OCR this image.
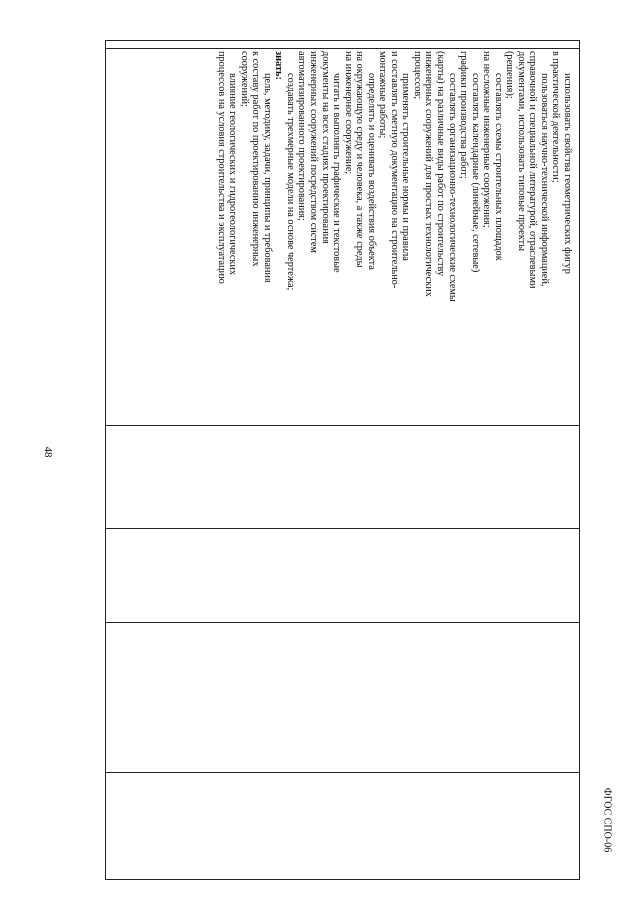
48
использовать свойства геометрических фигур
в практической деятельности;
пользоваться научно-технической информацией,
справочной и специальной литературой, отраслевыми
документами, использовать типовые проекты
(решения);
составлять схемы строительных площадок
на несложные инженерные сооружения;
составлять календарные (линейные, сетевые)
графики производства работ;
составлять организационно-технологические схемы
(карты) на различные виды работ по строительству
инженерных сооружений для простых технологических
процессов;
применять строительные нормы и правила
и составлять сметную документацию на строительно-
монтажные работы;
определять и оценивать воздействия объекта
на окружающую среду и человека, а также среды
на инженерное сооружение;
читать и выполнять графические и текстовые
документы на всех стадиях проектирования
инженерных сооружений посредством систем
автоматизированного проектирования;
создавать трехмерные модели на основе чертежа;
знать:
цель, методику, задачи, принципы и требования
к составу работ по проектированию инженерных
сооружений;
влияние геологических и гидрогеологических
процессов на условия строительства и эксплуатацию
ФГОС СПО-06
